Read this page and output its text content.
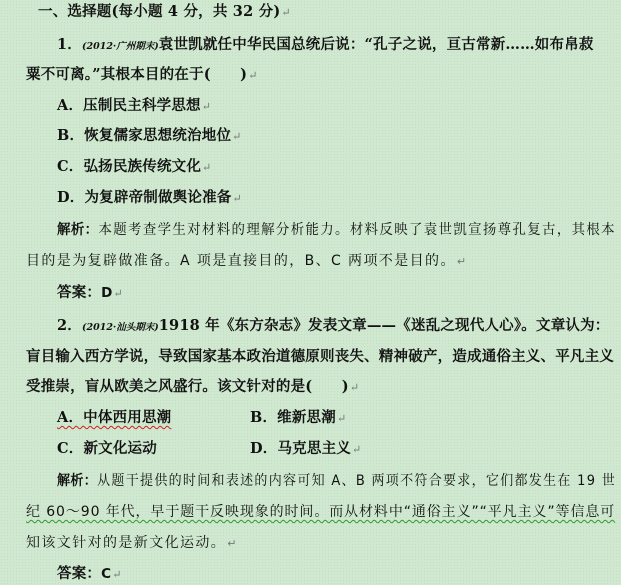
一、选择题(每小题 4 分，共 32 分)↵
1．(2012·广州期末)袁世凯就任中华民国总统后说：“孔子之说，亘古常新……如布帛菽
粟不可离。”其根本目的在于(　　)↵
A．压制民主科学思想↵
B．恢复儒家思想统治地位↵
C．弘扬民族传统文化↵
D．为复辟帝制做舆论准备↵
解析：本题考查学生对材料的理解分析能力。材料反映了袁世凯宣扬尊孔复古，其根本
目的是为复辟做准备。A 项是直接目的，B、C 两项不是目的。↵
答案：D↵
2．(2012·汕头期末)1918 年《东方杂志》发表文章——《迷乱之现代人心》。文章认为：
盲目输入西方学说，导致国家基本政治道德原则丧失、精神破产，造成通俗主义、平凡主义
受推崇，盲从欧美之风盛行。该文针对的是(　　)↵
A．中体西用思潮	B．维新思潮↵
C．新文化运动	D．马克思主义↵
解析：从题干提供的时间和表述的内容可知 A、B 两项不符合要求，它们都发生在 19 世
纪 60～90 年代，早于题干反映现象的时间。而从材料中“通俗主义”“平凡主义”等信息可
知该文针对的是新文化运动。↵
答案：C↵
